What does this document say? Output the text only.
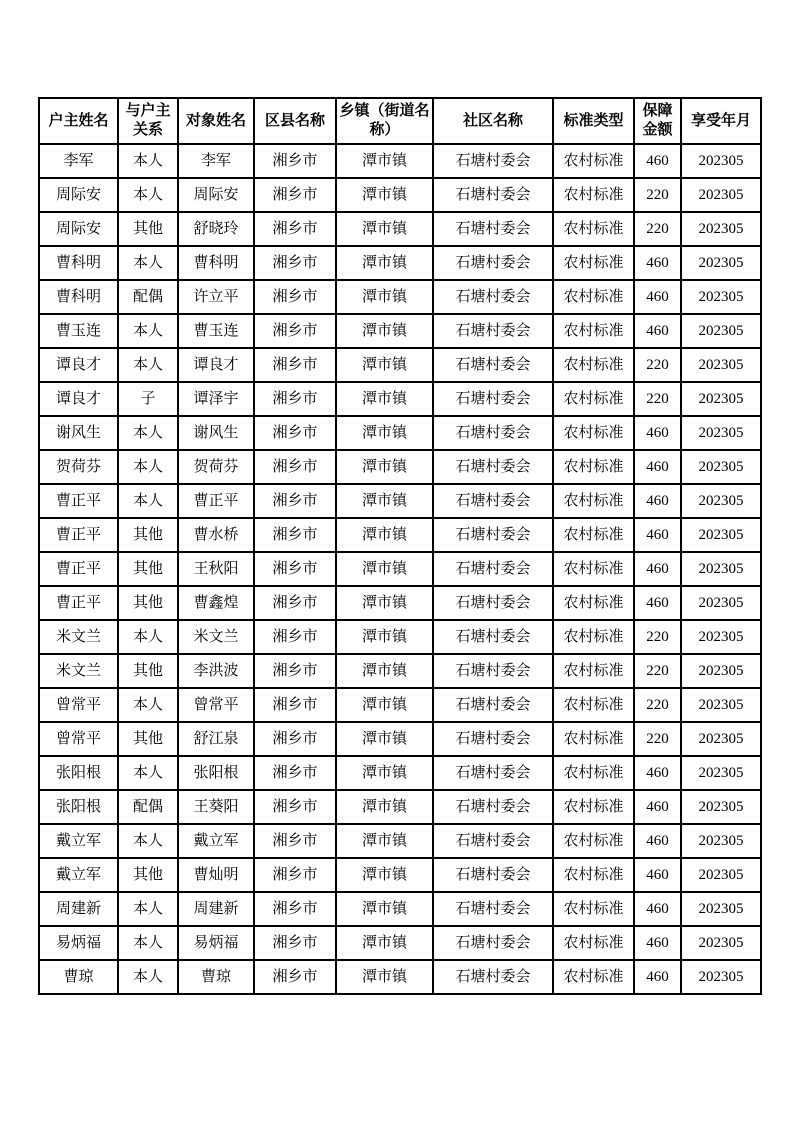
户主姓名	与户主关系	对象姓名	区县名称	乡镇（街道名称）	社区名称	标准类型	保障金额	享受年月
李军	本人	李军	湘乡市	潭市镇	石塘村委会	农村标准	460	202305
周际安	本人	周际安	湘乡市	潭市镇	石塘村委会	农村标准	220	202305
周际安	其他	舒晓玲	湘乡市	潭市镇	石塘村委会	农村标准	220	202305
曹科明	本人	曹科明	湘乡市	潭市镇	石塘村委会	农村标准	460	202305
曹科明	配偶	许立平	湘乡市	潭市镇	石塘村委会	农村标准	460	202305
曹玉连	本人	曹玉连	湘乡市	潭市镇	石塘村委会	农村标准	460	202305
谭良才	本人	谭良才	湘乡市	潭市镇	石塘村委会	农村标准	220	202305
谭良才	子	谭泽宇	湘乡市	潭市镇	石塘村委会	农村标准	220	202305
谢风生	本人	谢风生	湘乡市	潭市镇	石塘村委会	农村标准	460	202305
贺荷芬	本人	贺荷芬	湘乡市	潭市镇	石塘村委会	农村标准	460	202305
曹正平	本人	曹正平	湘乡市	潭市镇	石塘村委会	农村标准	460	202305
曹正平	其他	曹水桥	湘乡市	潭市镇	石塘村委会	农村标准	460	202305
曹正平	其他	王秋阳	湘乡市	潭市镇	石塘村委会	农村标准	460	202305
曹正平	其他	曹鑫煌	湘乡市	潭市镇	石塘村委会	农村标准	460	202305
米文兰	本人	米文兰	湘乡市	潭市镇	石塘村委会	农村标准	220	202305
米文兰	其他	李洪波	湘乡市	潭市镇	石塘村委会	农村标准	220	202305
曾常平	本人	曾常平	湘乡市	潭市镇	石塘村委会	农村标准	220	202305
曾常平	其他	舒江泉	湘乡市	潭市镇	石塘村委会	农村标准	220	202305
张阳根	本人	张阳根	湘乡市	潭市镇	石塘村委会	农村标准	460	202305
张阳根	配偶	王葵阳	湘乡市	潭市镇	石塘村委会	农村标准	460	202305
戴立军	本人	戴立军	湘乡市	潭市镇	石塘村委会	农村标准	460	202305
戴立军	其他	曹灿明	湘乡市	潭市镇	石塘村委会	农村标准	460	202305
周建新	本人	周建新	湘乡市	潭市镇	石塘村委会	农村标准	460	202305
易炳福	本人	易炳福	湘乡市	潭市镇	石塘村委会	农村标准	460	202305
曹琼	本人	曹琼	湘乡市	潭市镇	石塘村委会	农村标准	460	202305
